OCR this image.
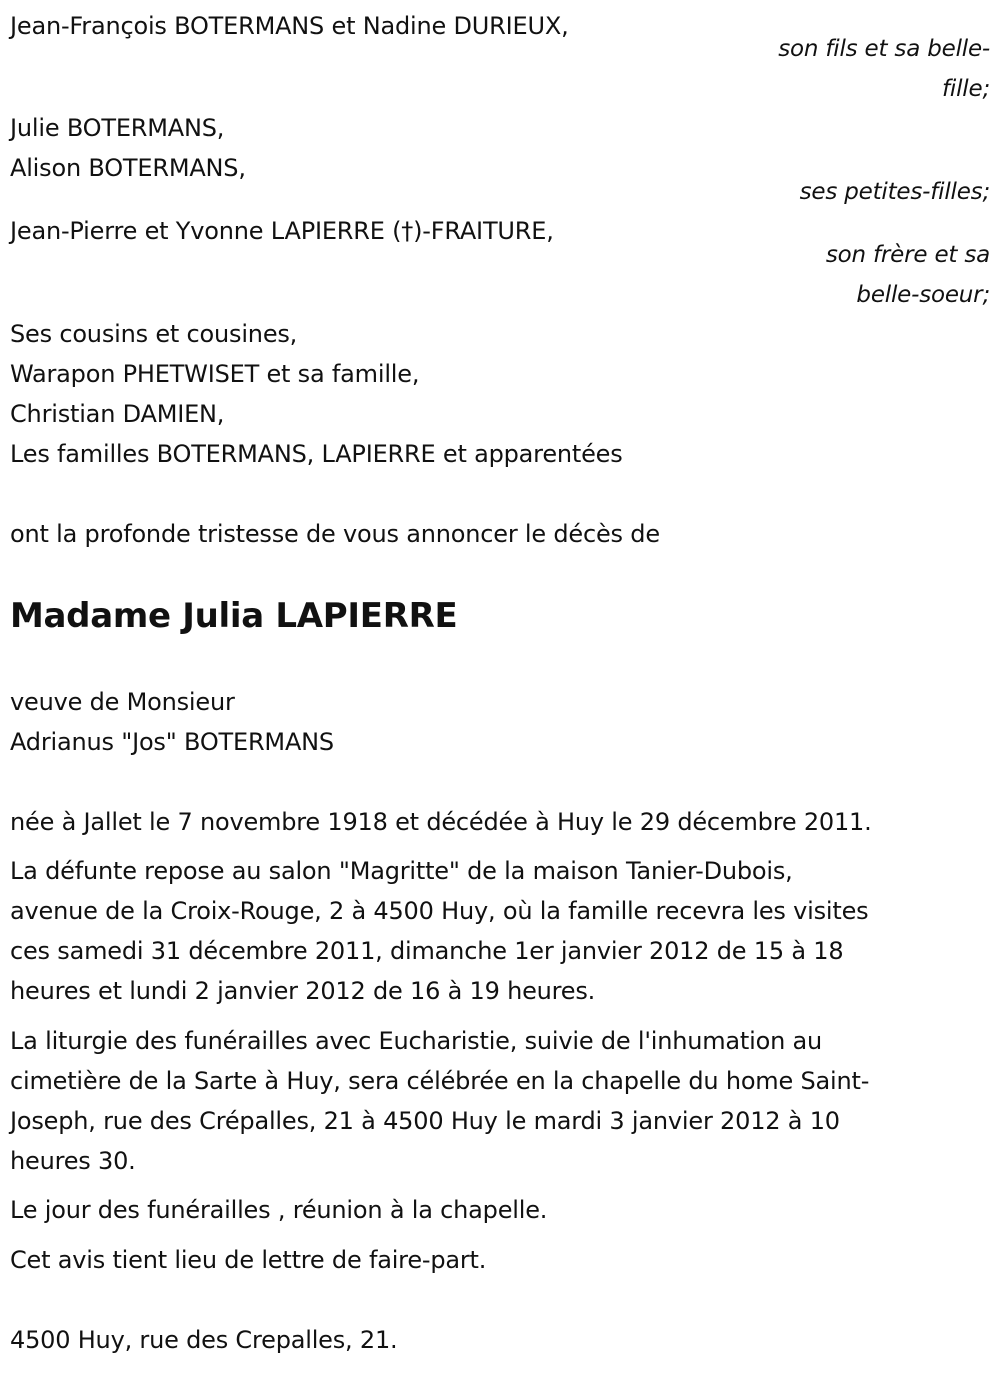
Jean-François BOTERMANS et Nadine DURIEUX,
son fils et sa belle-
fille;
Julie BOTERMANS,
Alison BOTERMANS,
ses petites-filles;
Jean-Pierre et Yvonne LAPIERRE (†)-FRAITURE,
son frère et sa
belle-soeur;
Ses cousins et cousines,
Warapon PHETWISET et sa famille,
Christian DAMIEN,
Les familles BOTERMANS, LAPIERRE et apparentées
ont la profonde tristesse de vous annoncer le décès de
Madame Julia LAPIERRE
veuve de Monsieur
Adrianus "Jos" BOTERMANS
née à Jallet le 7 novembre 1918 et décédée à Huy le 29 décembre 2011.
La défunte repose au salon "Magritte" de la maison Tanier-Dubois,
avenue de la Croix-Rouge, 2 à 4500 Huy, où la famille recevra les visites
ces samedi 31 décembre 2011, dimanche 1er janvier 2012 de 15 à 18
heures et lundi 2 janvier 2012 de 16 à 19 heures.
La liturgie des funérailles avec Eucharistie, suivie de l'inhumation au
cimetière de la Sarte à Huy, sera célébrée en la chapelle du home Saint-
Joseph, rue des Crépalles, 21 à 4500 Huy le mardi 3 janvier 2012 à 10
heures 30.
Le jour des funérailles , réunion à la chapelle.
Cet avis tient lieu de lettre de faire-part.
4500 Huy, rue des Crepalles, 21.
